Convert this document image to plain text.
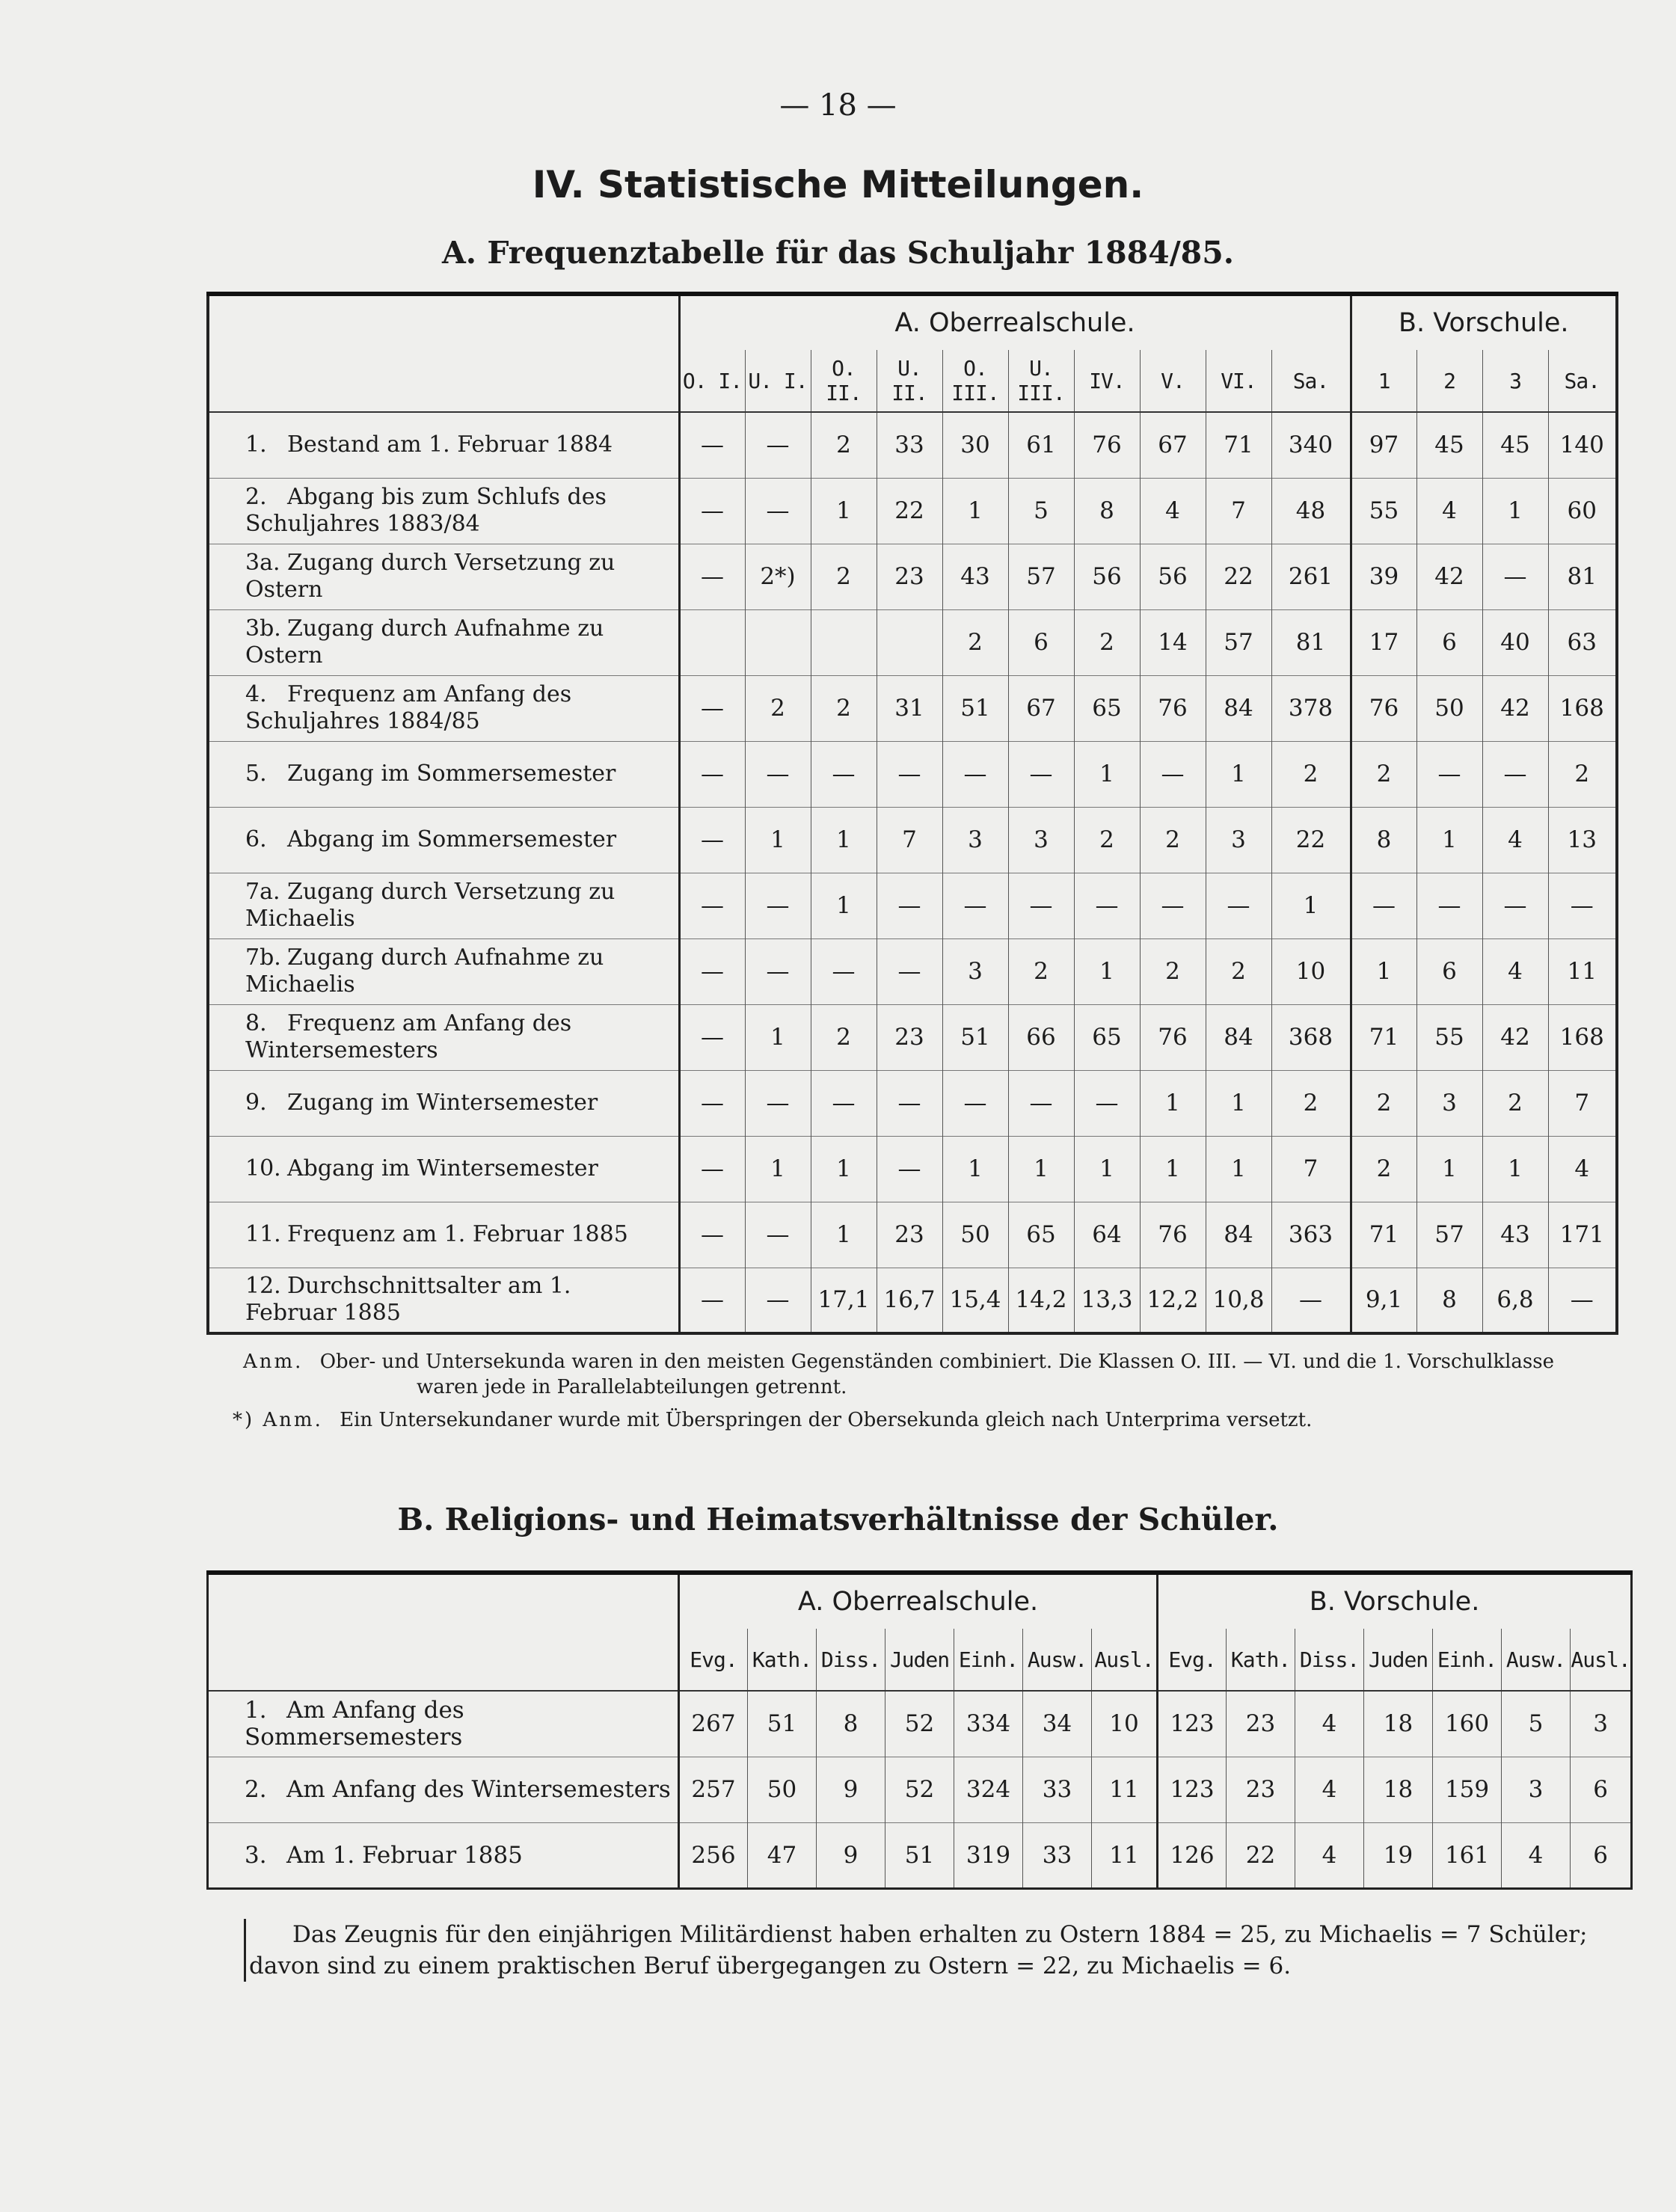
— 18 —
IV. Statistische Mitteilungen.
A. Frequenztabelle für das Schuljahr 1884/85.
	A. Oberrealschule.										B. Vorschule.			
	O. I.	U. I.	O. II.	U. II.	O. III.	U. III.	IV.	V.	VI.	Sa.	1	2	3	Sa.
1. Bestand am 1. Februar 1884	—	—	2	33	30	61	76	67	71	340	97	45	45	140
2. Abgang bis zum Schlufs des Schuljahres 1883/84	—	—	1	22	1	5	8	4	7	48	55	4	1	60
3a. Zugang durch Versetzung zu Ostern	—	2*)	2	23	43	57	56	56	22	261	39	42	—	81
3b. Zugang durch Aufnahme zu Ostern					2	6	2	14	57	81	17	6	40	63
4. Frequenz am Anfang des Schuljahres 1884/85	—	2	2	31	51	67	65	76	84	378	76	50	42	168
5. Zugang im Sommersemester	—	—	—	—	—	—	1	—	1	2	2	—	—	2
6. Abgang im Sommersemester	—	1	1	7	3	3	2	2	3	22	8	1	4	13
7a. Zugang durch Versetzung zu Michaelis	—	—	1	—	—	—	—	—	—	1	—	—	—	—
7b. Zugang durch Aufnahme zu Michaelis	—	—	—	—	3	2	1	2	2	10	1	6	4	11
8. Frequenz am Anfang des Wintersemesters	—	1	2	23	51	66	65	76	84	368	71	55	42	168
9. Zugang im Wintersemester	—	—	—	—	—	—	—	1	1	2	2	3	2	7
10. Abgang im Wintersemester	—	1	1	—	1	1	1	1	1	7	2	1	1	4
11. Frequenz am 1. Februar 1885	—	—	1	23	50	65	64	76	84	363	71	57	43	171
12. Durchschnittsalter am 1. Februar 1885	—	—	17,1	16,7	15,4	14,2	13,3	12,2	10,8	—	9,1	8	6,8	—
Anm. Ober- und Untersekunda waren in den meisten Gegenständen combiniert. Die Klassen O. III. — VI. und die 1. Vorschulklasse
waren jede in Parallelabteilungen getrennt.
*) Anm. Ein Untersekundaner wurde mit Überspringen der Obersekunda gleich nach Unterprima versetzt.
B. Religions- und Heimatsverhältnisse der Schüler.
	A. Oberrealschule.							B. Vorschule.						
	Evg.	Kath.	Diss.	Juden	Einh.	Ausw.	Ausl.	Evg.	Kath.	Diss.	Juden	Einh.	Ausw.	Ausl.
1. Am Anfang des Sommersemesters	267	51	8	52	334	34	10	123	23	4	18	160	5	3
2. Am Anfang des Wintersemesters	257	50	9	52	324	33	11	123	23	4	18	159	3	6
3. Am 1. Februar 1885	256	47	9	51	319	33	11	126	22	4	19	161	4	6

Das Zeugnis für den einjährigen Militärdienst haben erhalten zu Ostern 1884 = 25, zu Michaelis = 7 Schüler;

davon sind zu einem praktischen Beruf übergegangen zu Ostern = 22, zu Michaelis = 6.
